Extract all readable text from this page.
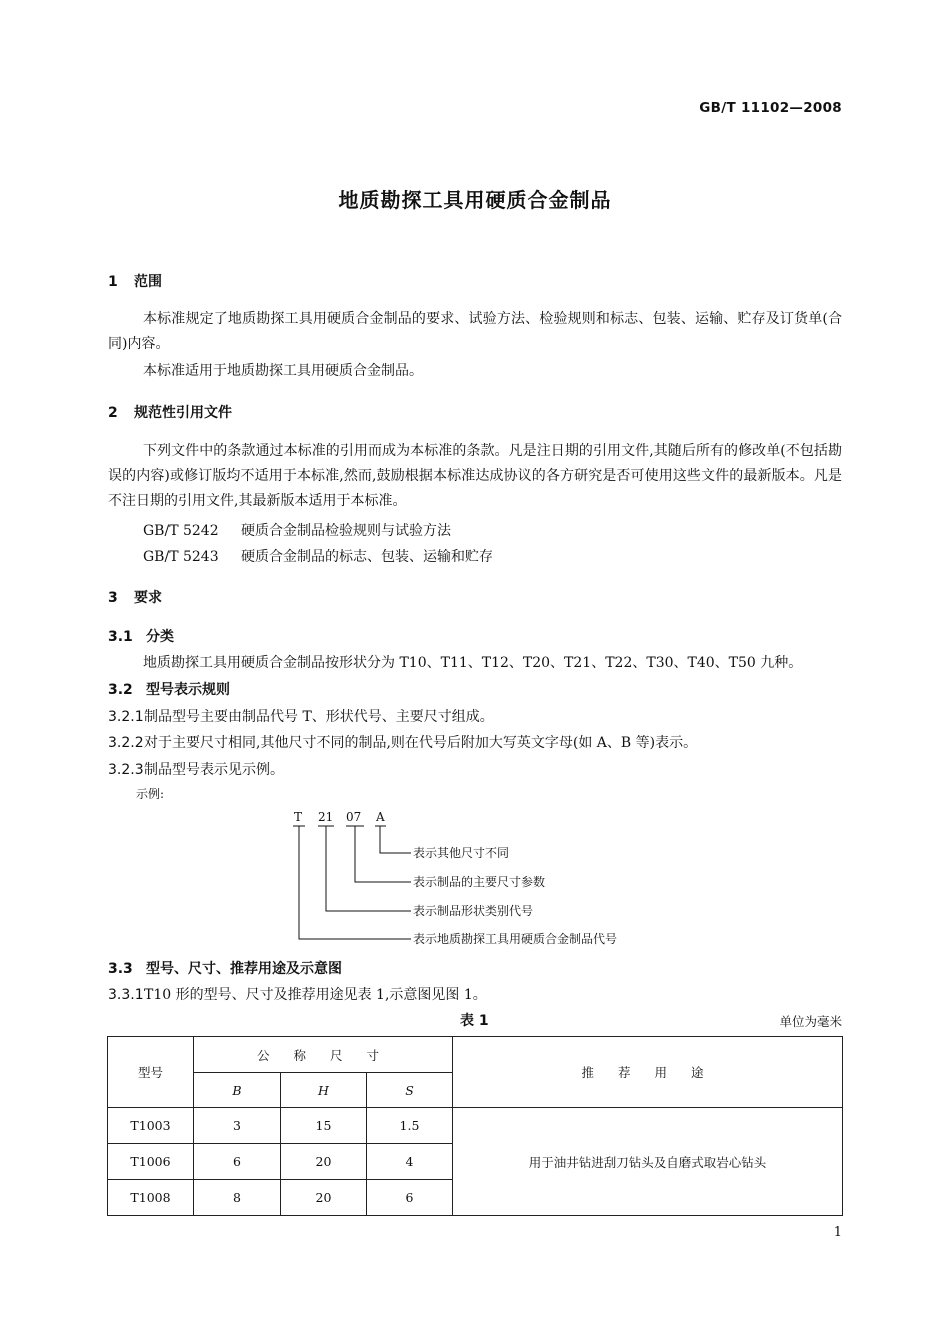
GB/T 11102—2008
地质勘探工具用硬质合金制品
1 范围
本标准规定了地质勘探工具用硬质合金制品的要求、试验方法、检验规则和标志、包装、运输、贮存及订货单(合同)内容。
本标准适用于地质勘探工具用硬质合金制品。
2 规范性引用文件
下列文件中的条款通过本标准的引用而成为本标准的条款。凡是注日期的引用文件,其随后所有的修改单(不包括勘误的内容)或修订版均不适用于本标准,然而,鼓励根据本标准达成协议的各方研究是否可使用这些文件的最新版本。凡是不注日期的引用文件,其最新版本适用于本标准。
GB/T 5242 硬质合金制品检验规则与试验方法
GB/T 5243 硬质合金制品的标志、包装、运输和贮存
3 要求
3.1 分类
地质勘探工具用硬质合金制品按形状分为 T10、T11、T12、T20、T21、T22、T30、T40、T50 九种。
3.2 型号表示规则
3.2.1制品型号主要由制品代号 T、形状代号、主要尺寸组成。
3.2.2对于主要尺寸相同,其他尺寸不同的制品,则在代号后附加大写英文字母(如 A、B 等)表示。
3.2.3制品型号表示见示例。
示例:
T 21 07 A
表示其他尺寸不同
表示制品的主要尺寸参数
表示制品形状类别代号
表示地质勘探工具用硬质合金制品代号
3.3 型号、尺寸、推荐用途及示意图
3.3.1T10 形的型号、尺寸及推荐用途见表 1,示意图见图 1。
表 1	单位为毫米
型号	公 称 尺 寸			推 荐 用 途
	B	H	S	
T1003	3	15	1.5	用于油井钻进刮刀钻头及自磨式取岩心钻头
T1006	6	20	4	
T1008	8	20	6	
1
